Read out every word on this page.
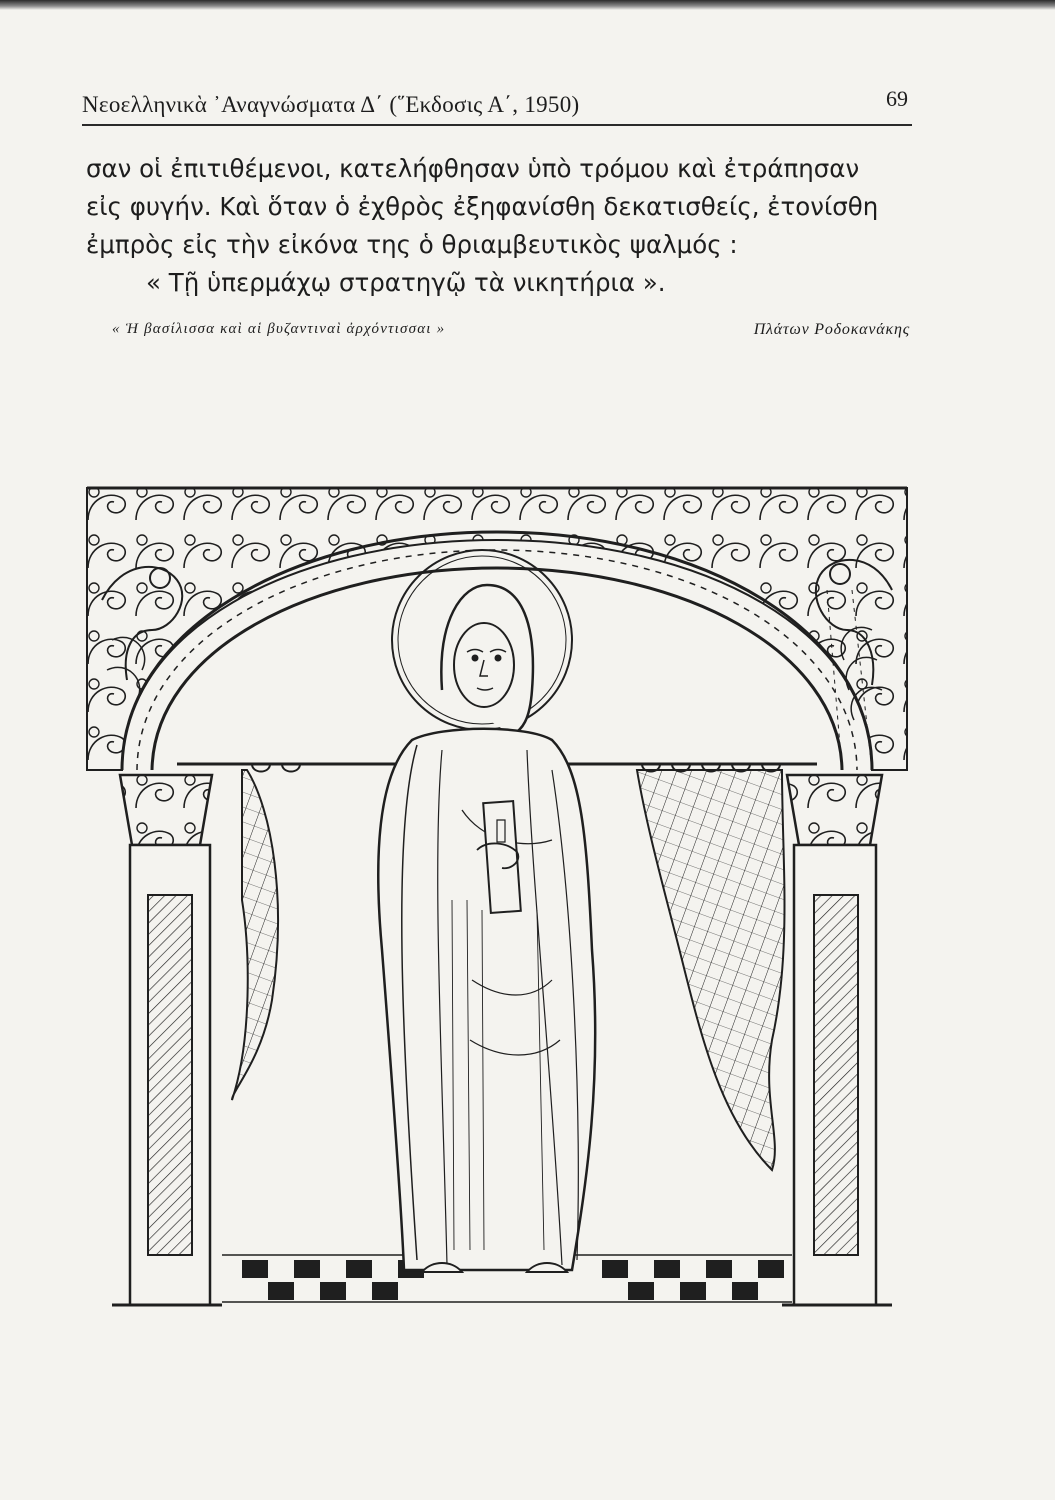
Νεοελληνικὰ ᾿Αναγνώσματα Δ΄ (῞Εκδοσις Α΄, 1950)	69
σαν οἱ ἐπιτιθέμενοι, κατελήφθησαν ὑπὸ τρόμου καὶ ἐτράπησαν
εἰς φυγήν. Καὶ ὅταν ὁ ἐχθρὸς ἐξηφανίσθη δεκατισθείς, ἐτονίσθη
ἐμπρὸς εἰς τὴν εἰκόνα της ὁ θριαμβευτικὸς ψαλμός :
« Τῇ ὑπερμάχῳ στρατηγῷ τὰ νικητήρια ».
« Ἡ βασίλισσα καὶ αἱ βυζαντιναὶ ἀρχόντισσαι »	Πλάτων Ροδοκανάκης
